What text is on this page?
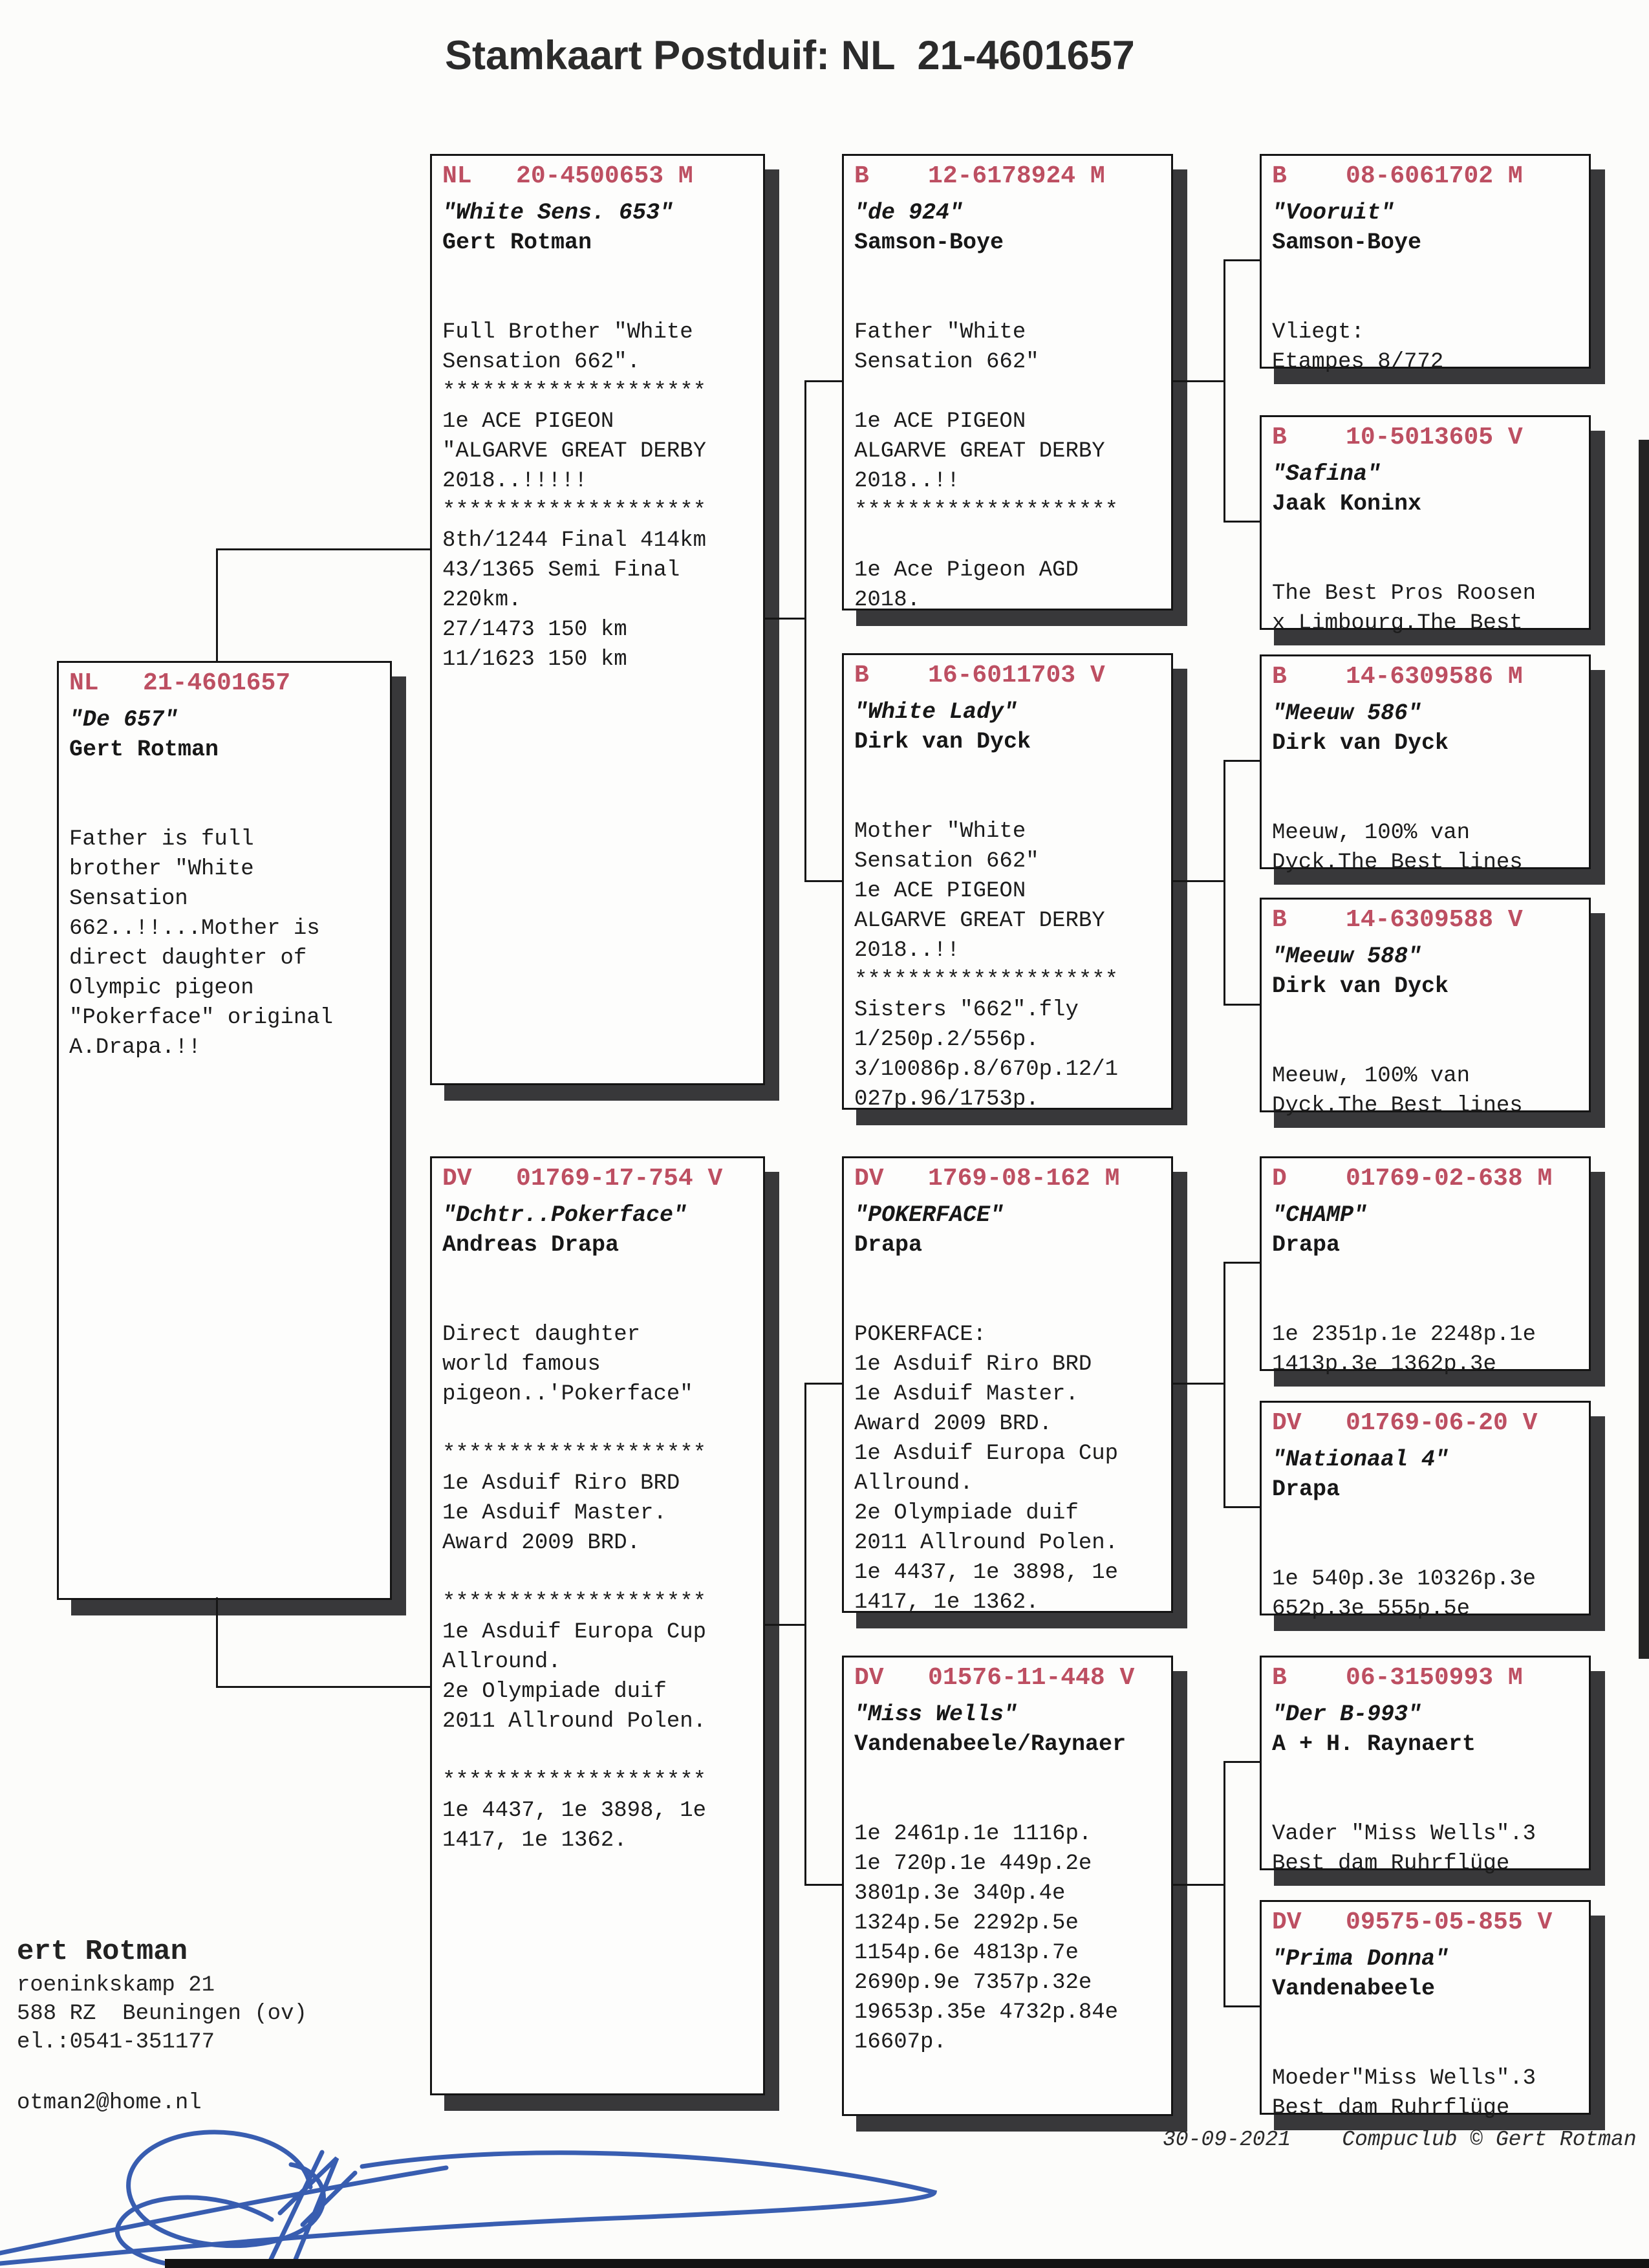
Stamkaart Postduif: NL  21-4601657
NL   21-4601657
"De 657"
Gert Rotman

Father is full
brother "White
Sensation
662..!!...Mother is
direct daughter of
Olympic pigeon
"Pokerface" original
A.Drapa.!!
NL   20-4500653 M
"White Sens. 653"
Gert Rotman

Full Brother "White
Sensation 662".
********************
1e ACE PIGEON
"ALGARVE GREAT DERBY
2018..!!!!!
********************
8th/1244 Final 414km
43/1365 Semi Final
220km.
27/1473 150 km
11/1623 150 km
DV   01769-17-754 V
"Dchtr..Pokerface"
Andreas Drapa

Direct daughter
world famous
pigeon..'Pokerface"

********************
1e Asduif Riro BRD
1e Asduif Master.
Award 2009 BRD.

********************
1e Asduif Europa Cup
Allround.
2e Olympiade duif
2011 Allround Polen.

********************
1e 4437, 1e 3898, 1e
1417, 1e 1362.
B    12-6178924 M
"de 924"
Samson-Boye

Father "White
Sensation 662"

1e ACE PIGEON
ALGARVE GREAT DERBY
2018..!!
********************

1e Ace Pigeon AGD
2018.
B    16-6011703 V
"White Lady"
Dirk van Dyck

Mother "White
Sensation 662"
1e ACE PIGEON
ALGARVE GREAT DERBY
2018..!!
********************
Sisters "662".fly
1/250p.2/556p.
3/10086p.8/670p.12/1
027p.96/1753p.
DV   1769-08-162 M
"POKERFACE"
Drapa

POKERFACE:
1e Asduif Riro BRD
1e Asduif Master.
Award 2009 BRD.
1e Asduif Europa Cup
Allround.
2e Olympiade duif
2011 Allround Polen.
1e 4437, 1e 3898, 1e
1417, 1e 1362.
DV   01576-11-448 V
"Miss Wells"
Vandenabeele/Raynaer

1e 2461p.1e 1116p.
1e 720p.1e 449p.2e
3801p.3e 340p.4e
1324p.5e 2292p.5e
1154p.6e 4813p.7e
2690p.9e 7357p.32e
19653p.35e 4732p.84e
16607p.
B    08-6061702 M
"Vooruit"
Samson-Boye

Vliegt:
Etampes 8/772
B    10-5013605 V
"Safina"
Jaak Koninx

The Best Pros Roosen
x Limbourg.The Best
B    14-6309586 M
"Meeuw 586"
Dirk van Dyck

Meeuw, 100% van
Dyck.The Best lines
B    14-6309588 V
"Meeuw 588"
Dirk van Dyck

Meeuw, 100% van
Dyck.The Best lines
D    01769-02-638 M
"CHAMP"
Drapa

1e 2351p.1e 2248p.1e
1413p.3e 1362p.3e
DV   01769-06-20 V
"Nationaal 4"
Drapa

1e 540p.3e 10326p.3e
652p.3e 555p.5e
B    06-3150993 M
"Der B-993"
A + H. Raynaert

Vader "Miss Wells".3
Best dam Ruhrflüge
DV   09575-05-855 V
"Prima Donna"
Vandenabeele

Moeder"Miss Wells".3
Best dam Ruhrflüge
ert Rotman
roeninkskamp 21
588 RZ  Beuningen (ov)
el.:0541-351177
otman2@home.nl
30-09-2021    Compuclub © Gert Rotman
